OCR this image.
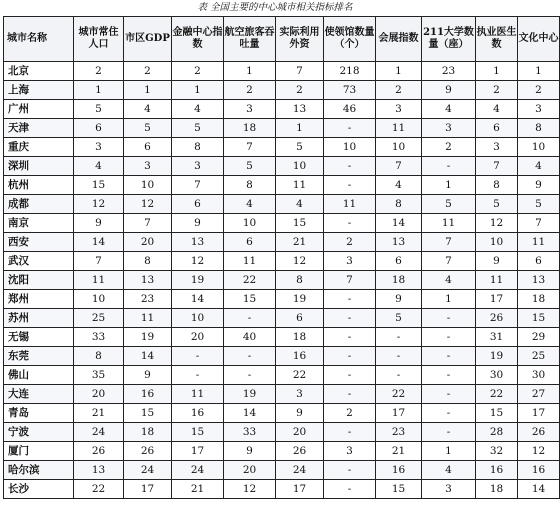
表 全国主要的中心城市相关指标排名
城市名称	城市常住人口	市区GDP	金融中心指数	航空旅客吞吐量	实际利用外资	使领馆数量（个）	会展指数	211大学数量（座）	执业医生数	文化中心
北京	2	2	2	1	7	218	1	23	1	1
上海	1	1	1	2	2	73	2	9	2	2
广州	5	4	4	3	13	46	3	4	4	3
天津	6	5	5	18	1	-	11	3	6	8
重庆	3	6	8	7	5	10	10	2	3	10
深圳	4	3	3	5	10	-	7	-	7	4
杭州	15	10	7	8	11	-	4	1	8	9
成都	12	12	6	4	4	11	8	5	5	5
南京	9	7	9	10	15	-	14	11	12	7
西安	14	20	13	6	21	2	13	7	10	11
武汉	7	8	12	11	12	3	6	7	9	6
沈阳	11	13	19	22	8	7	18	4	11	13
郑州	10	23	14	15	19	-	9	1	17	18
苏州	25	11	10	-	6	-	5	-	26	15
无锡	33	19	20	40	18	-	-	-	31	29
东莞	8	14	-	-	16	-	-	-	19	25
佛山	35	9	-	-	22	-	-	-	30	30
大连	20	16	11	19	3	-	22	-	22	27
青岛	21	15	16	14	9	2	17	-	15	17
宁波	24	18	15	33	20	-	23	-	28	26
厦门	26	26	17	9	26	3	21	1	32	12
哈尔滨	13	24	24	20	24	-	16	4	16	16
长沙	22	17	21	12	17	-	15	3	18	14
